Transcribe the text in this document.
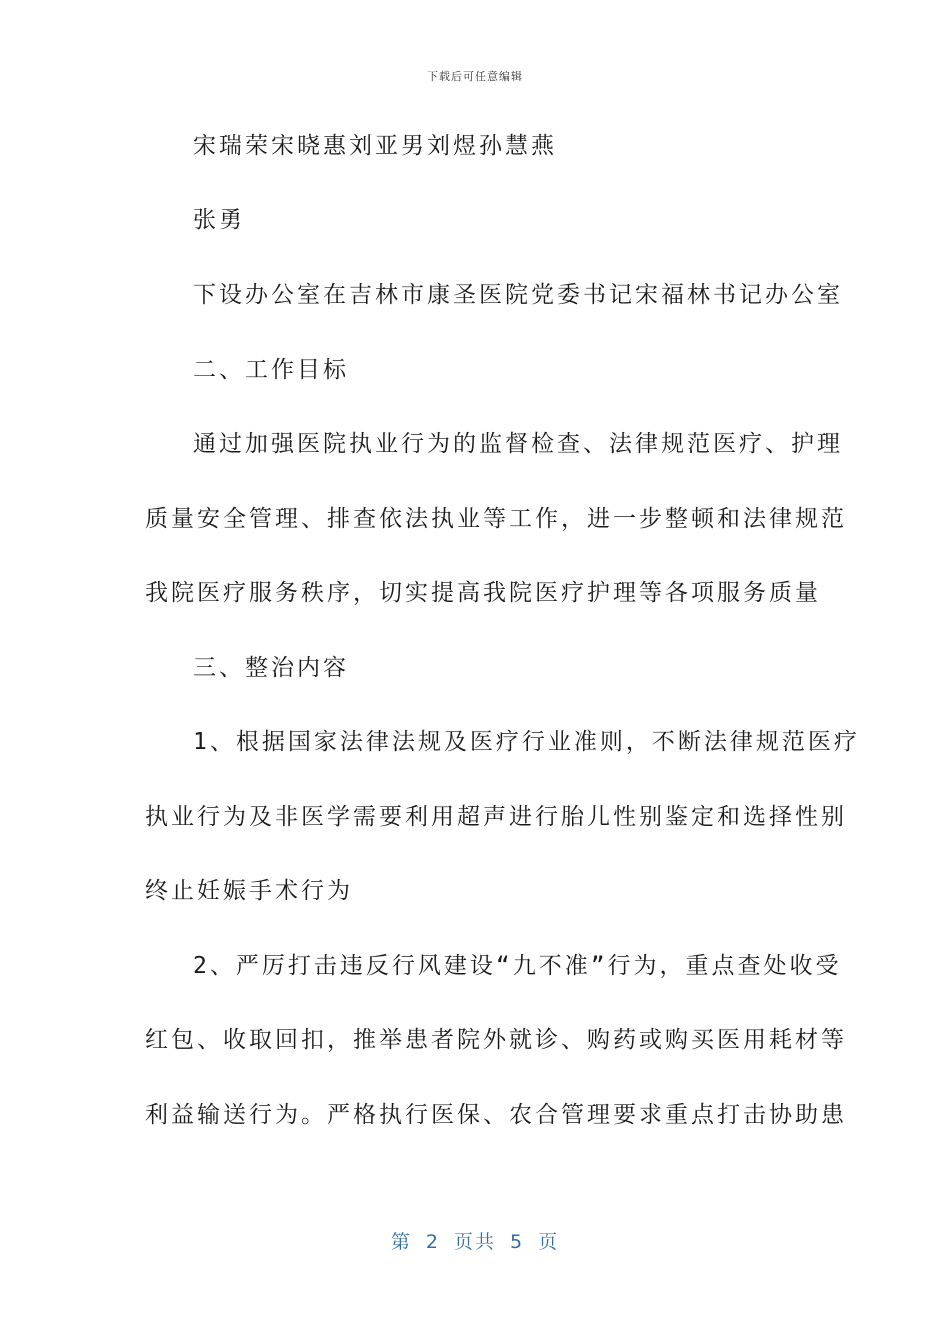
下载后可任意编辑
宋瑞荣宋晓惠刘亚男刘煜孙慧燕
张勇
下设办公室在吉林市康圣医院党委书记宋福林书记办公室
二、工作目标
通过加强医院执业行为的监督检查、法律规范医疗、护理
质量安全管理、排查依法执业等工作，进一步整顿和法律规范
我院医疗服务秩序，切实提高我院医疗护理等各项服务质量
三、整治内容
1、根据国家法律法规及医疗行业准则，不断法律规范医疗
执业行为及非医学需要利用超声进行胎儿性别鉴定和选择性别
终止妊娠手术行为
2、严厉打击违反行风建设“九不准”行为，重点查处收受
红包、收取回扣，推举患者院外就诊、购药或购买医用耗材等
利益输送行为。严格执行医保、农合管理要求重点打击协助患
第 2 页共 5 页
